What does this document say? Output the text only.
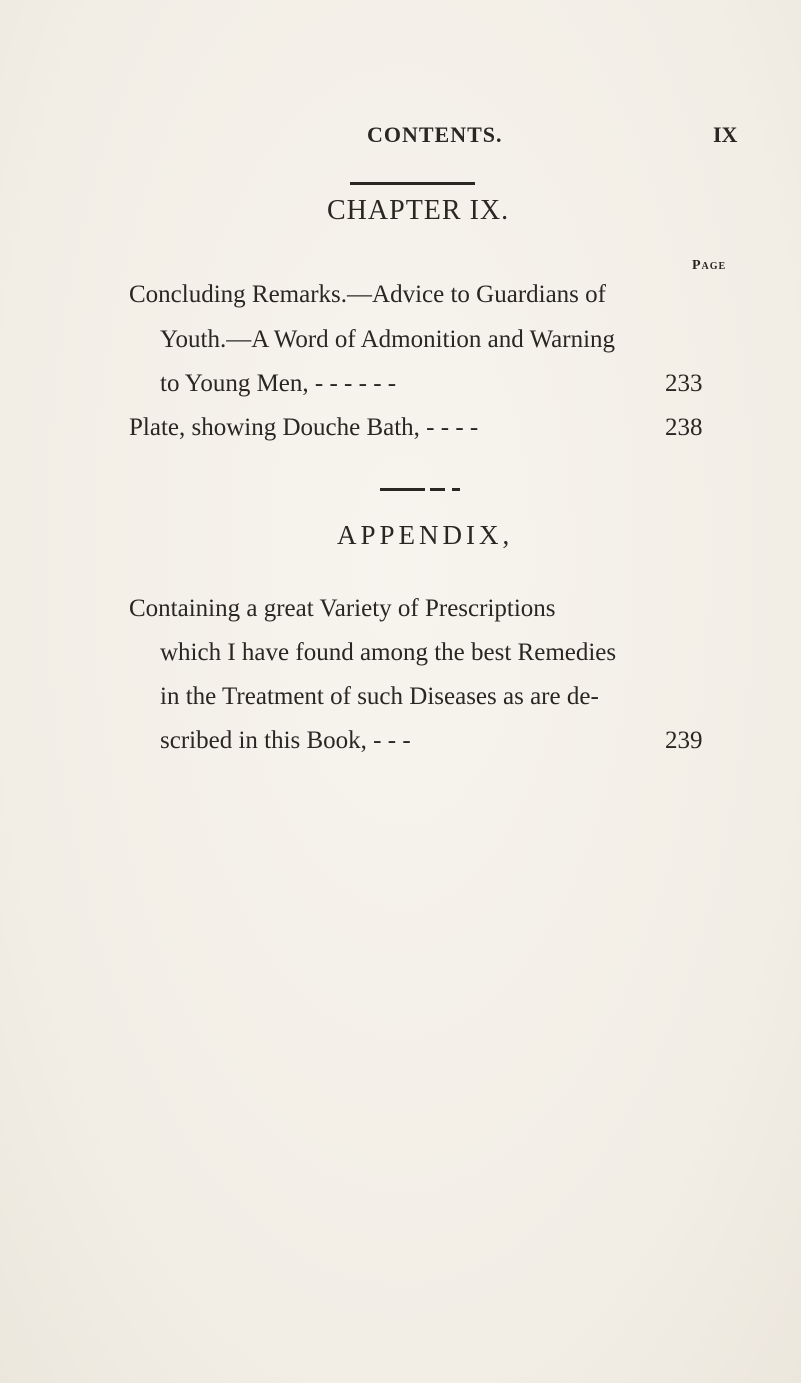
CONTENTS.	IX
CHAPTER IX.
Page
Concluding Remarks.—Advice to Guardians of
Youth.—A Word of Admonition and Warning
to Young Men, - - - - - -	233
Plate, showing Douche Bath, - - - -	238
APPENDIX,
Containing a great Variety of Prescriptions
which I have found among the best Remedies
in the Treatment of such Diseases as are de-
scribed in this Book, - - -	239
